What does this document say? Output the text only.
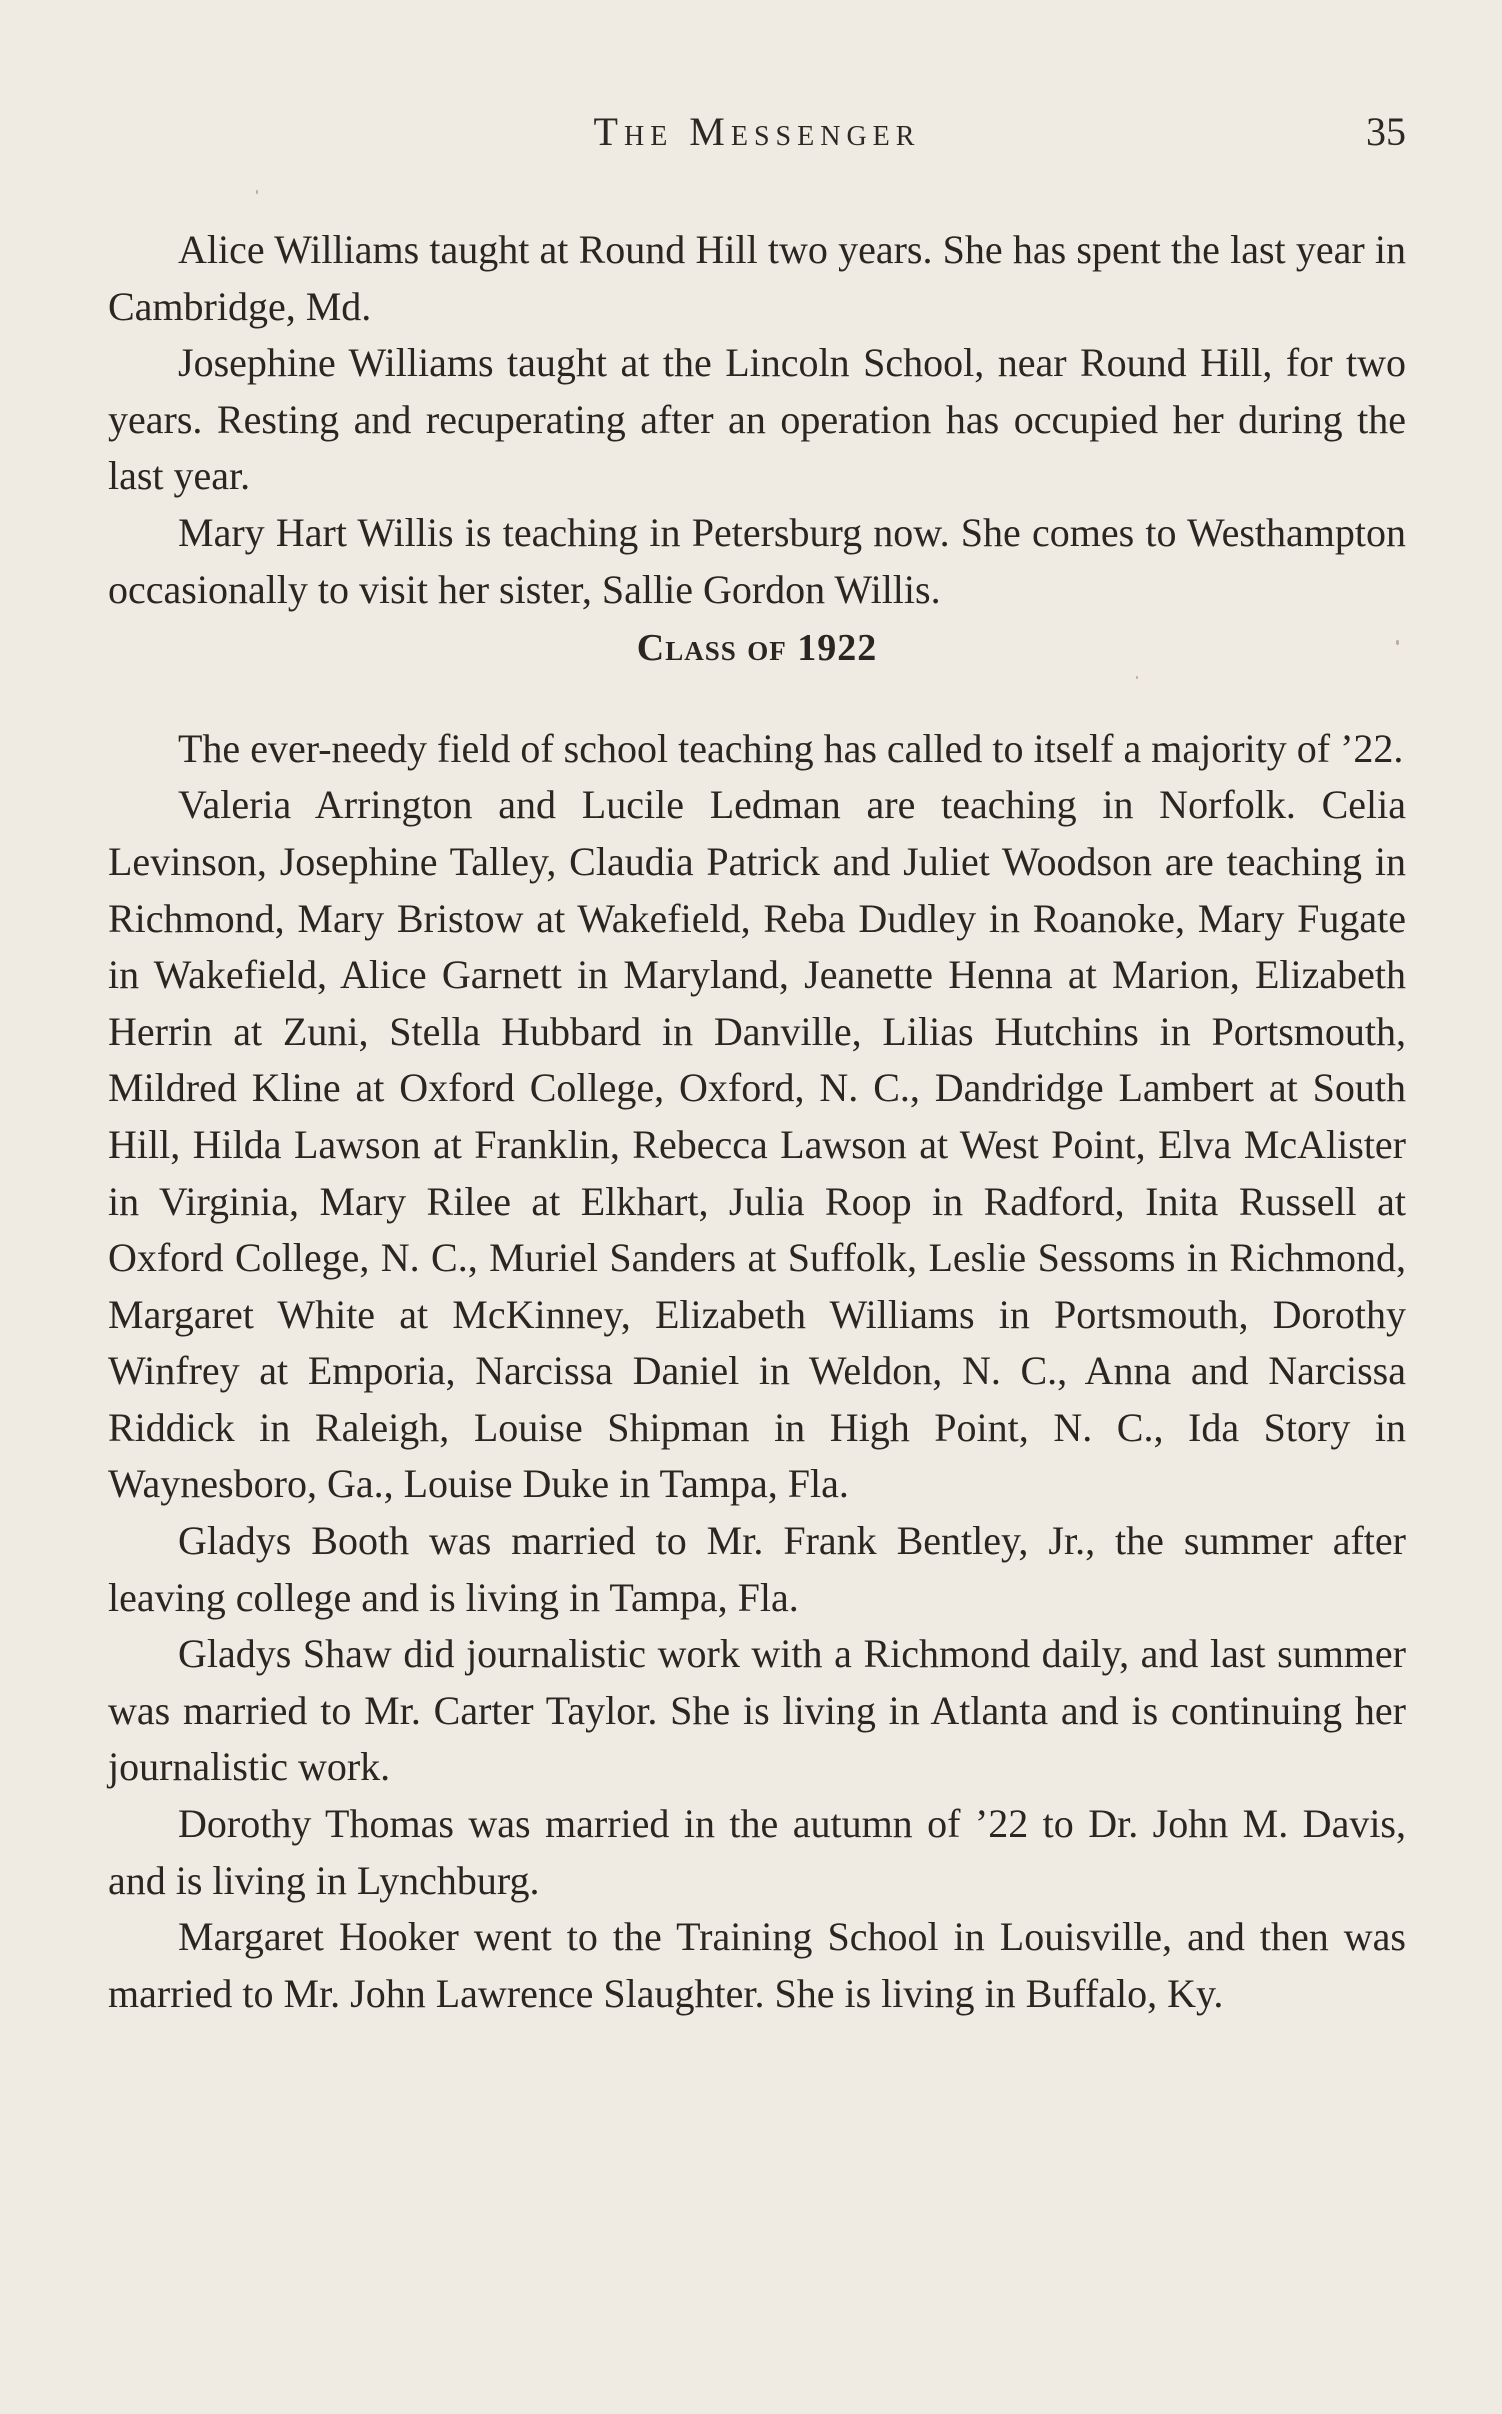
The Messenger	35

Alice Williams taught at Round Hill two years. She has spent the last year in Cambridge, Md.

Josephine Williams taught at the Lincoln School, near Round Hill, for two years. Resting and recuperating after an operation has occupied her during the last year.

Mary Hart Willis is teaching in Petersburg now. She comes to Westhampton occasionally to visit her sister, Sallie Gordon Willis.

Class of 1922

The ever-needy field of school teaching has called to itself a majority of ’22.

Valeria Arrington and Lucile Ledman are teaching in Norfolk. Celia Levinson, Josephine Talley, Claudia Patrick and Juliet Woodson are teaching in Richmond, Mary Bristow at Wakefield, Reba Dudley in Roanoke, Mary Fugate in Wakefield, Alice Garnett in Maryland, Jeanette Henna at Marion, Elizabeth Herrin at Zuni, Stella Hubbard in Danville, Lilias Hutchins in Portsmouth, Mildred Kline at Oxford College, Oxford, N. C., Dandridge Lambert at South Hill, Hilda Lawson at Franklin, Rebecca Lawson at West Point, Elva McAlister in Virginia, Mary Rilee at Elkhart, Julia Roop in Radford, Inita Russell at Oxford College, N. C., Muriel Sanders at Suffolk, Leslie Sessoms in Richmond, Margaret White at McKinney, Elizabeth Williams in Portsmouth, Dorothy Winfrey at Emporia, Narcissa Daniel in Weldon, N. C., Anna and Narcissa Riddick in Raleigh, Louise Shipman in High Point, N. C., Ida Story in Waynesboro, Ga., Louise Duke in Tampa, Fla.

Gladys Booth was married to Mr. Frank Bentley, Jr., the summer after leaving college and is living in Tampa, Fla.

Gladys Shaw did journalistic work with a Richmond daily, and last summer was married to Mr. Carter Taylor. She is living in Atlanta and is continuing her journalistic work.

Dorothy Thomas was married in the autumn of ’22 to Dr. John M. Davis, and is living in Lynchburg.

Margaret Hooker went to the Training School in Louisville, and then was married to Mr. John Lawrence Slaughter. She is living in Buffalo, Ky.
